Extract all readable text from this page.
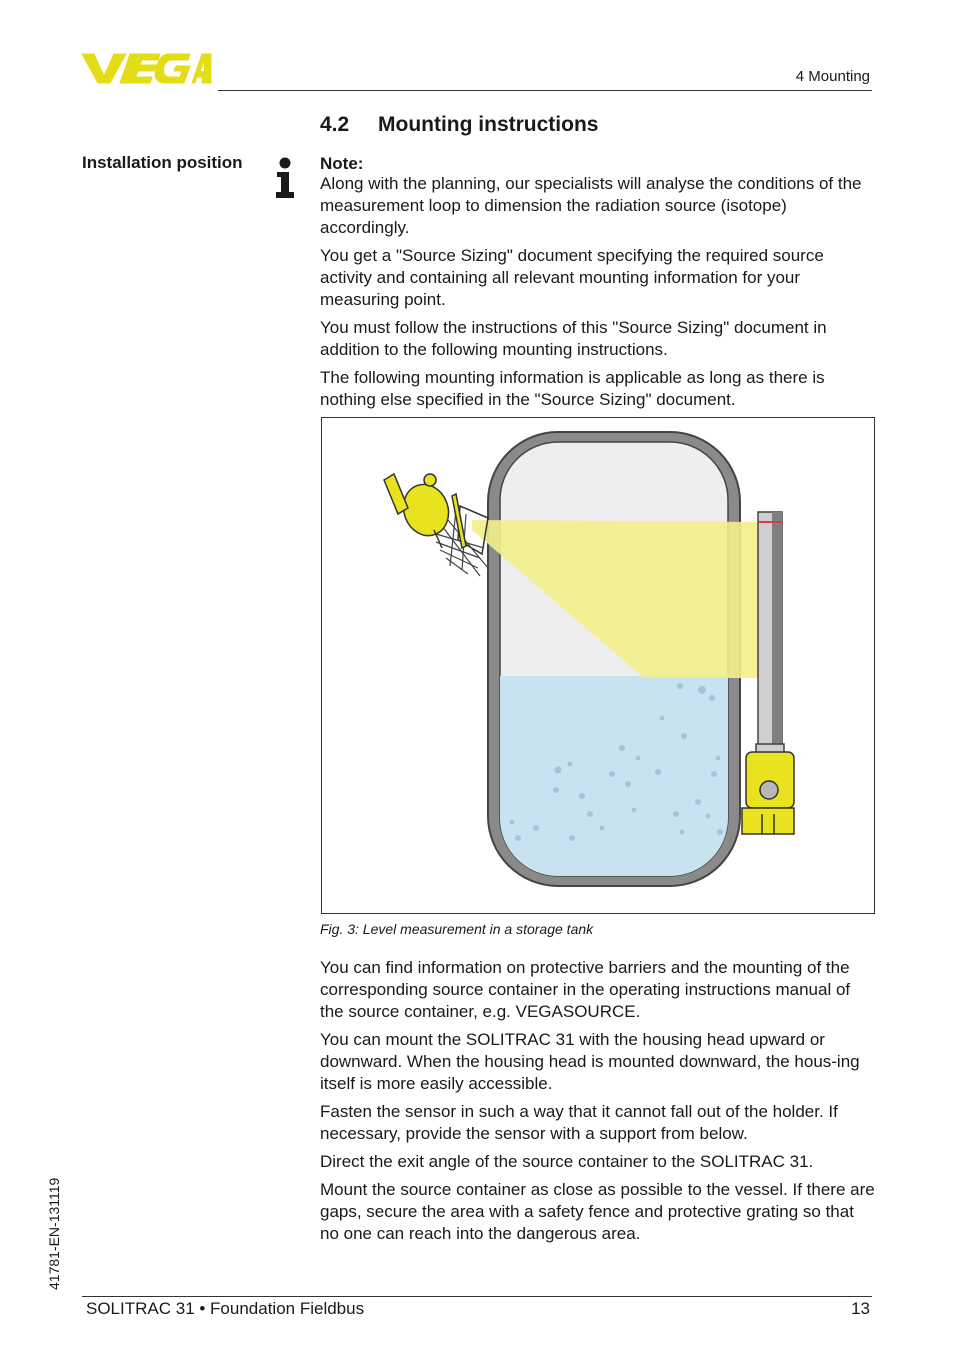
4 Mounting
4.2 Mounting instructions
Installation position	Note:

Along with the planning, our specialists will analyse the conditions of the measurement loop to dimension the radiation source (isotope) accordingly.

You get a "Source Sizing" document specifying the required source activity and containing all relevant mounting information for your measuring point.

You must follow the instructions of this "Source Sizing" document in addition to the following mounting instructions.

The following mounting information is applicable as long as there is nothing else specified in the "Source Sizing" document.

Fig. 3: Level measurement in a storage tank

You can find information on protective barriers and the mounting of the corresponding source container in the operating instructions manual of the source container, e.g. VEGASOURCE.

You can mount the SOLITRAC 31 with the housing head upward or downward. When the housing head is mounted downward, the hous-ing itself is more easily accessible.

Fasten the sensor in such a way that it cannot fall out of the holder. If necessary, provide the sensor with a support from below.

Direct the exit angle of the source container to the SOLITRAC 31.

Mount the source container as close as possible to the vessel. If there are gaps, secure the area with a safety fence and protective grating so that no one can reach into the dangerous area.

41781-EN-131119
SOLITRAC 31 • Foundation Fieldbus	13
